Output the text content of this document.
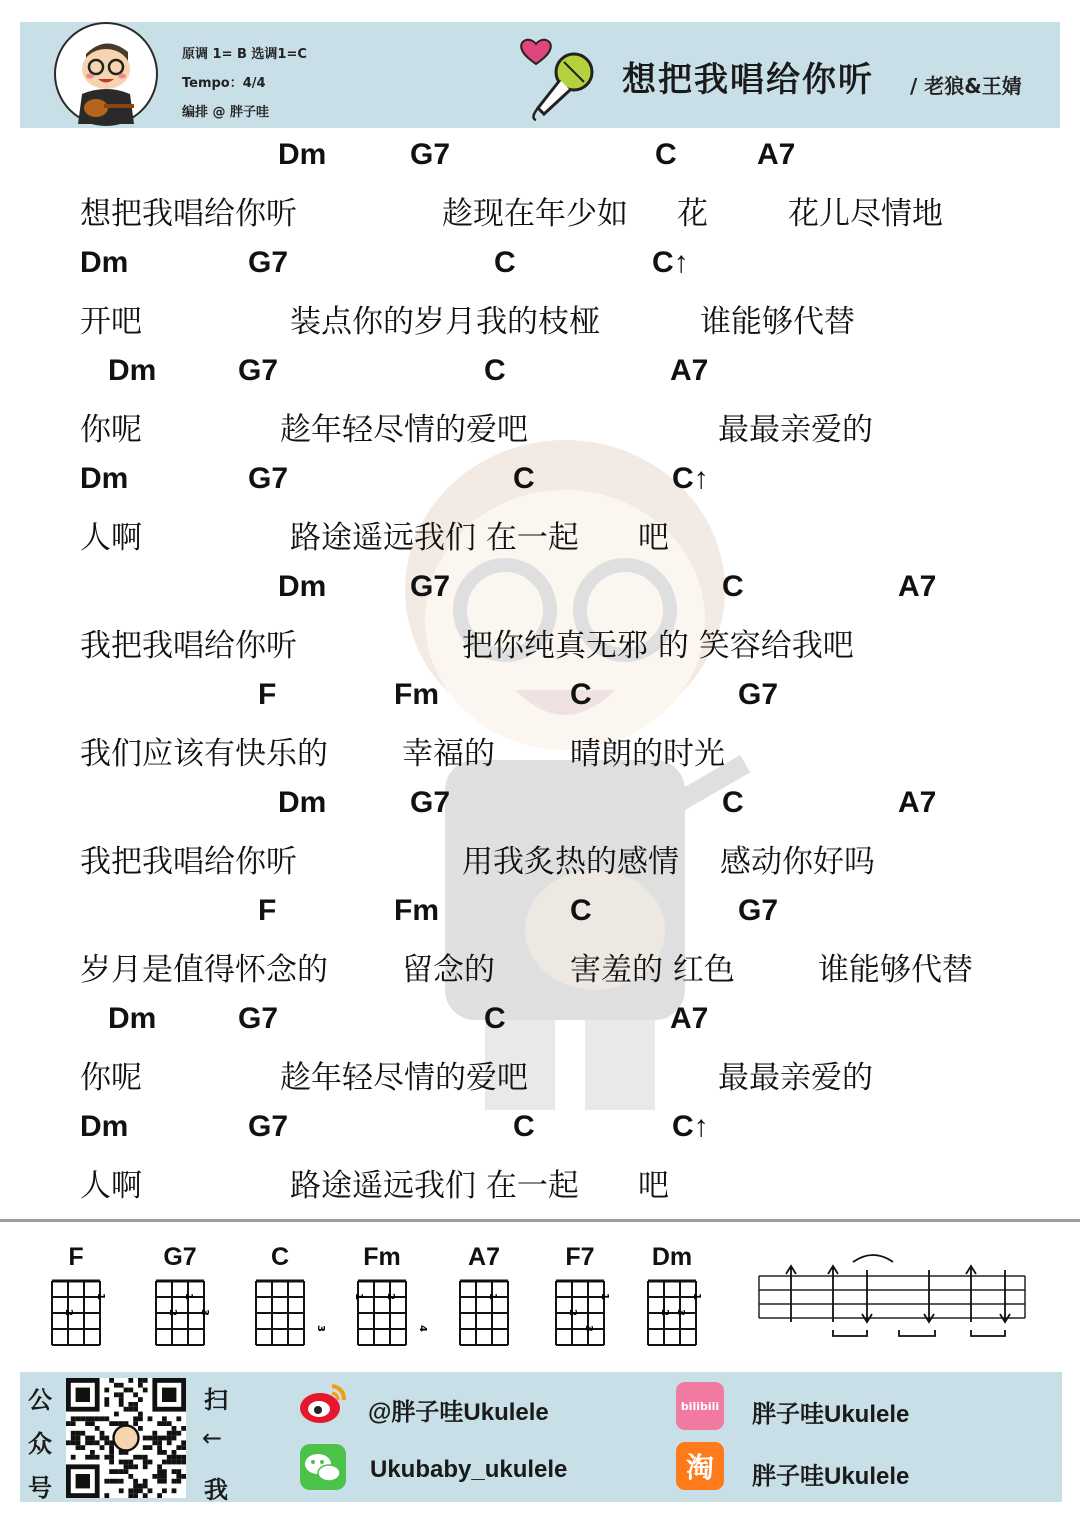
原调 1= B 选调1=C
Tempo：4/4
编排 @ 胖子哇
想把我唱给你听 / 老狼&王婧
Dm	G7	C	A7
想把我唱给你听	趁现在年少如 花	花儿尽情地
Dm	G7	C	C↑
开吧	装点你的岁月我的枝桠	谁能够代替
Dm	G7	C	A7
你呢	趁年轻尽情的爱吧	最最亲爱的
Dm	G7	C	C↑
人啊	路途遥远我们 在一起 吧
Dm	G7	C	A7
我把我唱给你听	把你纯真无邪 的 笑容给我吧
F	Fm	C	G7
我们应该有快乐的 幸福的 晴朗的时光
Dm	G7	C	A7
我把我唱给你听	用我炙热的感情 感动你好吗
F	Fm	C	G7
岁月是值得怀念的 留念的 害羞的 红色	谁能够代替
Dm	G7	C	A7
你呢	趁年轻尽情的爱吧	最最亲爱的
Dm	G7	C	C↑
人啊	路途遥远我们 在一起 吧
F
2
1
G7
2
1
3
C
3
Fm
1 2
4
A7
1
F7
2
3
1
Dm
2 3
1
公
众
号
扫
←
我
@胖子哇Ukulele
Ukubaby_ukulele
bilibili 胖子哇Ukulele
淘	胖子哇Ukulele
